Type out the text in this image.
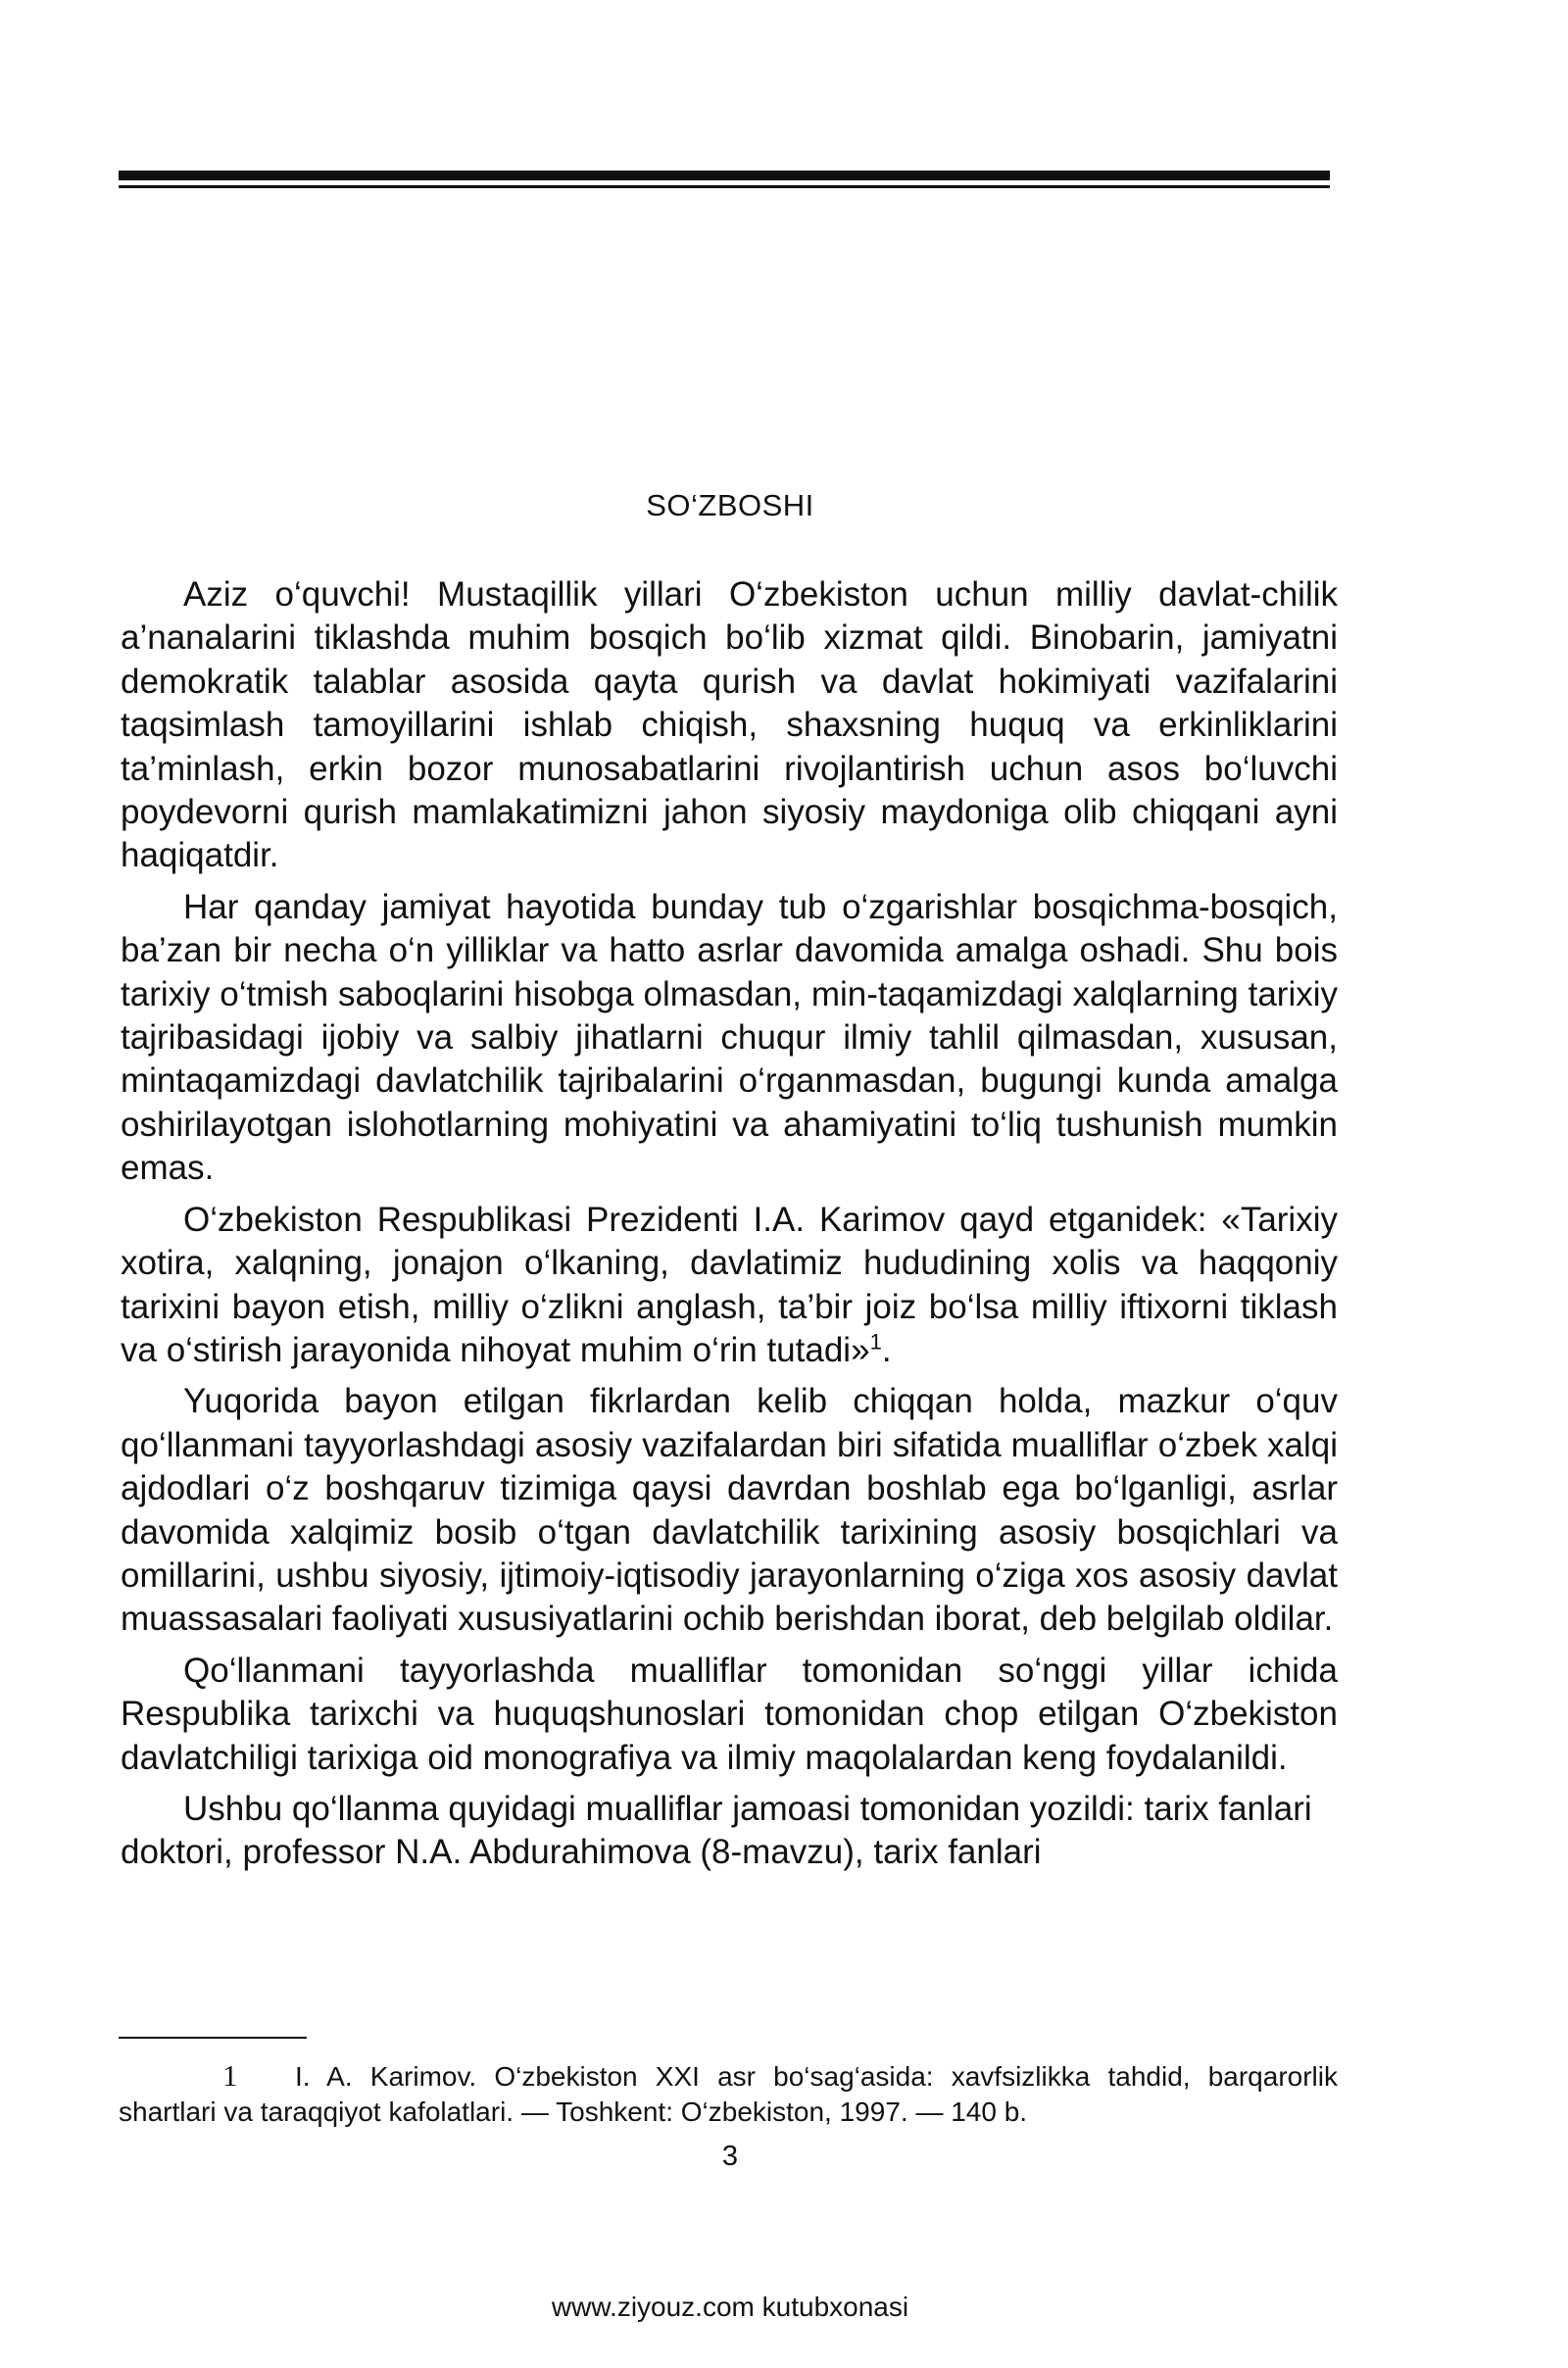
SO‘ZBOSHI

Aziz o‘quvchi! Mustaqillik yillari O‘zbekiston uchun milliy davlat-chilik a’nanalarini tiklashda muhim bosqich bo‘lib xizmat qildi. Binobarin, jamiyatni demokratik talablar asosida qayta qurish va davlat hokimiyati vazifalarini taqsimlash tamoyillarini ishlab chiqish, shaxsning huquq va erkinliklarini ta’minlash, erkin bozor munosabatlarini rivojlantirish uchun asos bo‘luvchi poydevorni qurish mamlakatimizni jahon siyosiy maydoniga olib chiqqani ayni haqiqatdir.

Har qanday jamiyat hayotida bunday tub o‘zgarishlar bosqichma-bosqich, ba’zan bir necha o‘n yilliklar va hatto asrlar davomida amalga oshadi. Shu bois tarixiy o‘tmish saboqlarini hisobga olmasdan, min-taqamizdagi xalqlarning tarixiy tajribasidagi ijobiy va salbiy jihatlarni chuqur ilmiy tahlil qilmasdan, xususan, mintaqamizdagi davlatchilik tajribalarini o‘rganmasdan, bugungi kunda amalga oshirilayotgan islohotlarning mohiyatini va ahamiyatini to‘liq tushunish mumkin emas.

O‘zbekiston Respublikasi Prezidenti I.A. Karimov qayd etganidek: «Tarixiy xotira, xalqning, jonajon o‘lkaning, davlatimiz hududining xolis va haqqoniy tarixini bayon etish, milliy o‘zlikni anglash, ta’bir joiz bo‘lsa milliy iftixorni tiklash va o‘stirish jarayonida nihoyat muhim o‘rin tutadi»$^1$.

Yuqorida bayon etilgan fikrlardan kelib chiqqan holda, mazkur o‘quv qo‘llanmani tayyorlashdagi asosiy vazifalardan biri sifatida mualliflar o‘zbek xalqi ajdodlari o‘z boshqaruv tizimiga qaysi davrdan boshlab ega bo‘lganligi, asrlar davomida xalqimiz bosib o‘tgan davlatchilik tarixining asosiy bosqichlari va omillarini, ushbu siyosiy, ijtimoiy-iqtisodiy jarayonlarning o‘ziga xos asosiy davlat muassasalari faoliyati xususiyatlarini ochib berishdan iborat, deb belgilab oldilar.

Qo‘llanmani tayyorlashda mualliflar tomonidan so‘nggi yillar ichida Respublika tarixchi va huquqshunoslari tomonidan chop etilgan O‘zbekiston davlatchiligi tarixiga oid monografiya va ilmiy maqolalardan keng foydalanildi.

Ushbu qo‘llanma quyidagi mualliflar jamoasi tomonidan yozildi: tarix fanlari doktori, professor N.A. Abdurahimova (8-mavzu), tarix fanlari

1 I. A. Karimov. O‘zbekiston XXI asr bo‘sag‘asida: xavfsizlikka tahdid, barqarorlik shartlari va taraqqiyot kafolatlari. — Toshkent: O‘zbekiston, 1997. — 140 b.
3
www.ziyouz.com kutubxonasi
